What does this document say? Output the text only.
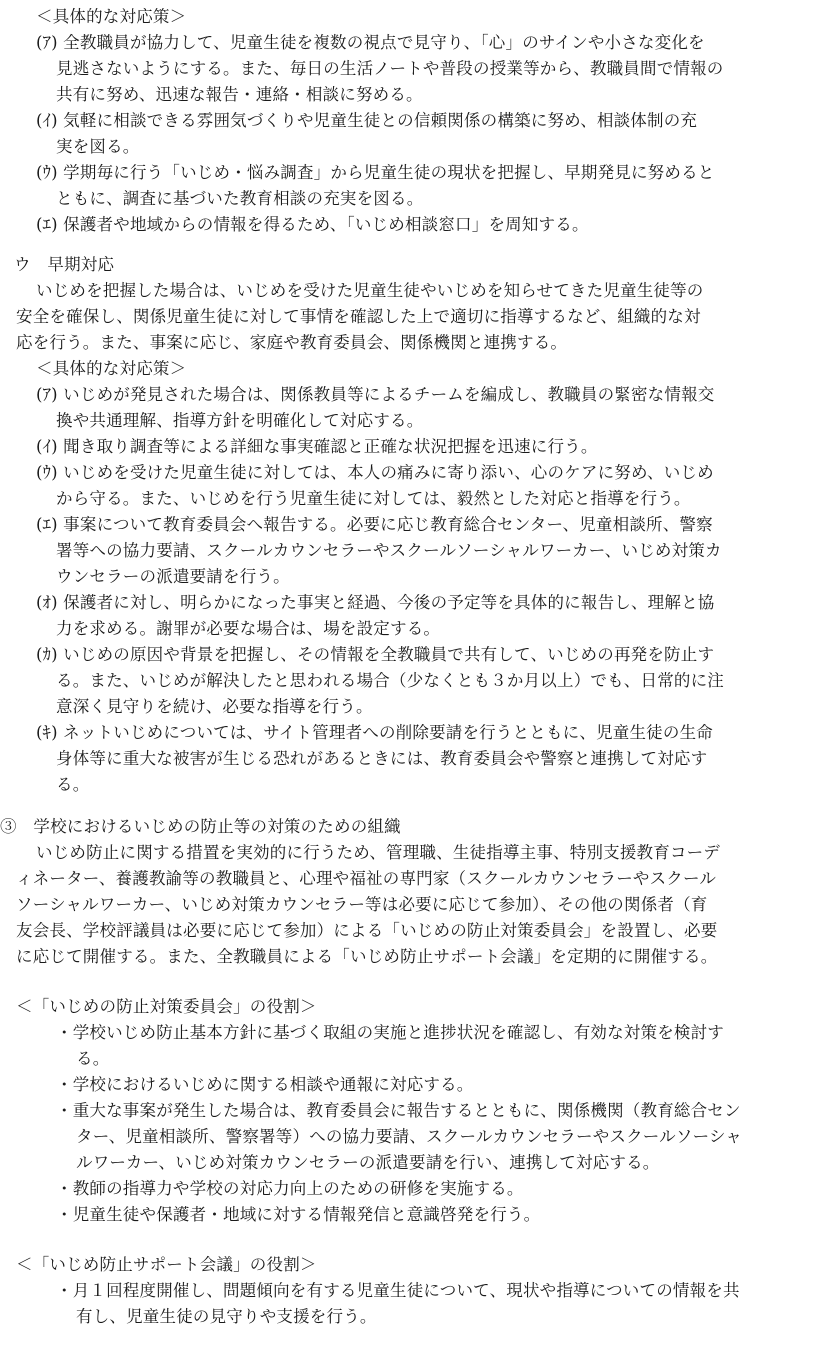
＜具体的な対応策＞
(ｱ) 全教職員が協力して、児童生徒を複数の視点で見守り、「心」のサインや小さな変化を
見逃さないようにする。また、毎日の生活ノートや普段の授業等から、教職員間で情報の
共有に努め、迅速な報告・連絡・相談に努める。
(ｲ) 気軽に相談できる雰囲気づくりや児童生徒との信頼関係の構築に努め、相談体制の充
実を図る。
(ｳ) 学期毎に行う「いじめ・悩み調査」から児童生徒の現状を把握し、早期発見に努めると
ともに、調査に基づいた教育相談の充実を図る。
(ｴ) 保護者や地域からの情報を得るため、「いじめ相談窓口」を周知する。
ウ　早期対応
いじめを把握した場合は、いじめを受けた児童生徒やいじめを知らせてきた児童生徒等の
安全を確保し、関係児童生徒に対して事情を確認した上で適切に指導するなど、組織的な対
応を行う。また、事案に応じ、家庭や教育委員会、関係機関と連携する。
＜具体的な対応策＞
(ｱ) いじめが発見された場合は、関係教員等によるチームを編成し、教職員の緊密な情報交
換や共通理解、指導方針を明確化して対応する。
(ｲ) 聞き取り調査等による詳細な事実確認と正確な状況把握を迅速に行う。
(ｳ) いじめを受けた児童生徒に対しては、本人の痛みに寄り添い、心のケアに努め、いじめ
から守る。また、いじめを行う児童生徒に対しては、毅然とした対応と指導を行う。
(ｴ) 事案について教育委員会へ報告する。必要に応じ教育総合センター、児童相談所、警察
署等への協力要請、スクールカウンセラーやスクールソーシャルワーカー、いじめ対策カ
ウンセラーの派遣要請を行う。
(ｵ) 保護者に対し、明らかになった事実と経過、今後の予定等を具体的に報告し、理解と協
力を求める。謝罪が必要な場合は、場を設定する。
(ｶ) いじめの原因や背景を把握し、その情報を全教職員で共有して、いじめの再発を防止す
る。また、いじめが解決したと思われる場合（少なくとも３か月以上）でも、日常的に注
意深く見守りを続け、必要な指導を行う。
(ｷ) ネットいじめについては、サイト管理者への削除要請を行うとともに、児童生徒の生命
身体等に重大な被害が生じる恐れがあるときには、教育委員会や警察と連携して対応す
る。
③　学校におけるいじめの防止等の対策のための組織
いじめ防止に関する措置を実効的に行うため、管理職、生徒指導主事、特別支援教育コーデ
ィネーター、養護教諭等の教職員と、心理や福祉の専門家（スクールカウンセラーやスクール
ソーシャルワーカー、いじめ対策カウンセラー等は必要に応じて参加）、その他の関係者（育
友会長、学校評議員は必要に応じて参加）による「いじめの防止対策委員会」を設置し、必要
に応じて開催する。また、全教職員による「いじめ防止サポート会議」を定期的に開催する。
＜「いじめの防止対策委員会」の役割＞
・学校いじめ防止基本方針に基づく取組の実施と進捗状況を確認し、有効な対策を検討す
る。
・学校におけるいじめに関する相談や通報に対応する。
・重大な事案が発生した場合は、教育委員会に報告するとともに、関係機関（教育総合セン
ター、児童相談所、警察署等）への協力要請、スクールカウンセラーやスクールソーシャ
ルワーカー、いじめ対策カウンセラーの派遣要請を行い、連携して対応する。
・教師の指導力や学校の対応力向上のための研修を実施する。
・児童生徒や保護者・地域に対する情報発信と意識啓発を行う。
＜「いじめ防止サポート会議」の役割＞
・月１回程度開催し、問題傾向を有する児童生徒について、現状や指導についての情報を共
有し、児童生徒の見守りや支援を行う。
